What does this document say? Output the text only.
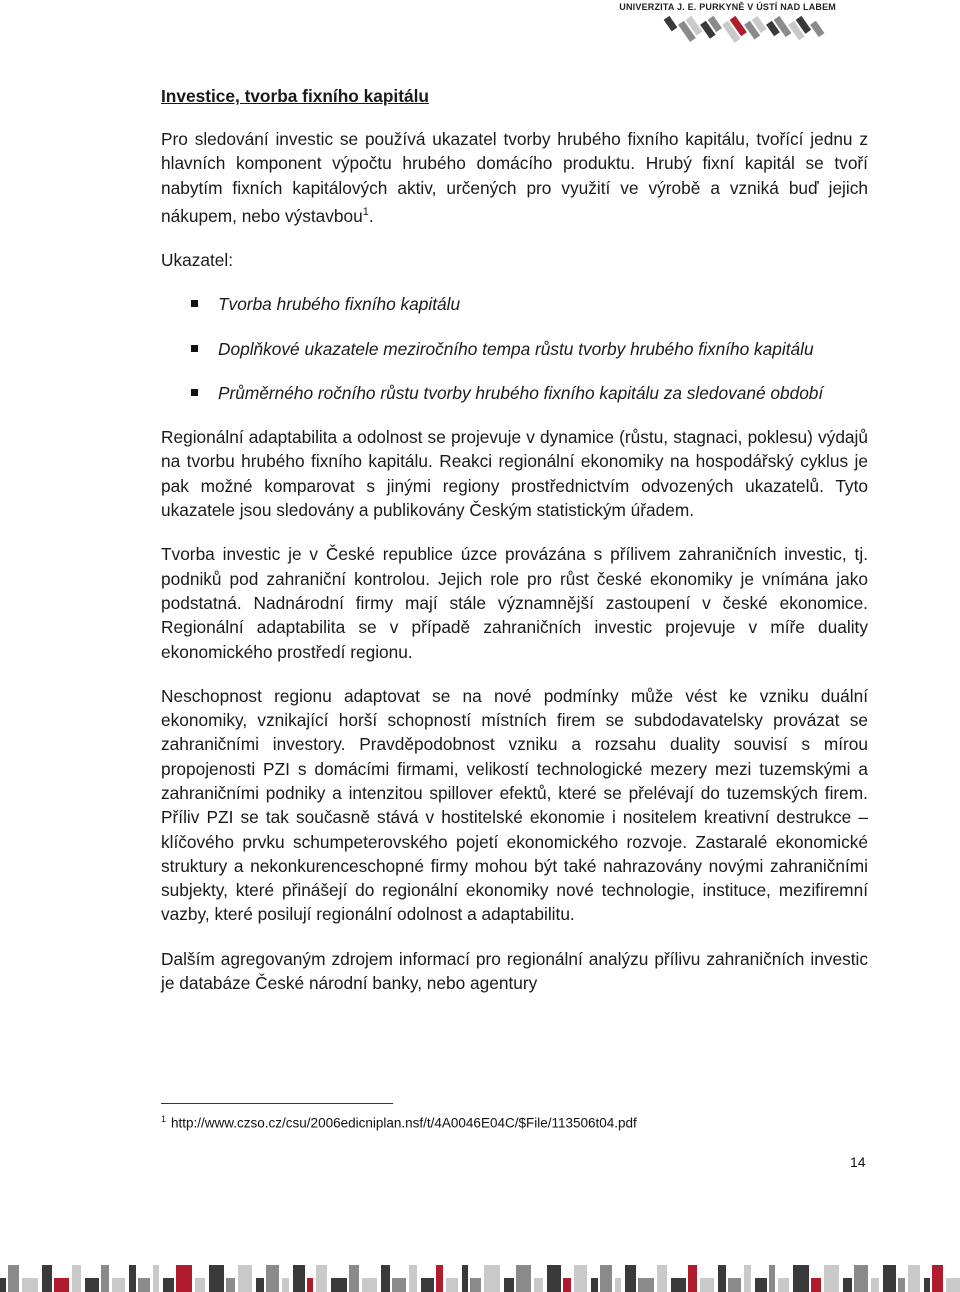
UNIVERZITA J. E. PURKYNĚ V ÚSTÍ NAD LABEM

Investice, tvorba fixního kapitálu

Pro sledování investic se používá ukazatel tvorby hrubého fixního kapitálu, tvořící jednu z hlavních komponent výpočtu hrubého domácího produktu. Hrubý fixní kapitál se tvoří nabytím fixních kapitálových aktiv, určených pro využití ve výrobě a vzniká buď jejich nákupem, nebo výstavbou$^1$.

Ukazatel:

Tvorba hrubého fixního kapitálu
Doplňkové ukazatele meziročního tempa růstu tvorby hrubého fixního kapitálu
Průměrného ročního růstu tvorby hrubého fixního kapitálu za sledované období

Regionální adaptabilita a odolnost se projevuje v dynamice (růstu, stagnaci, poklesu) výdajů na tvorbu hrubého fixního kapitálu. Reakci regionální ekonomiky na hospodářský cyklus je pak možné komparovat s jinými regiony prostřednictvím odvozených ukazatelů. Tyto ukazatele jsou sledovány a publikovány Českým statistickým úřadem.

Tvorba investic je v České republice úzce provázána s přílivem zahraničních investic, tj. podniků pod zahraniční kontrolou. Jejich role pro růst české ekonomiky je vnímána jako podstatná. Nadnárodní firmy mají stále významnější zastoupení v české ekonomice. Regionální adaptabilita se v případě zahraničních investic projevuje v míře duality ekonomického prostředí regionu.

Neschopnost regionu adaptovat se na nové podmínky může vést ke vzniku duální ekonomiky, vznikající horší schopností místních firem se subdodavatelsky provázat se zahraničními investory. Pravděpodobnost vzniku a rozsahu duality souvisí s mírou propojenosti PZI s domácími firmami, velikostí technologické mezery mezi tuzemskými a zahraničními podniky a intenzitou spillover efektů, které se přelévají do tuzemských firem. Příliv PZI se tak současně stává v hostitelské ekonomie i nositelem kreativní destrukce – klíčového prvku schumpeterovského pojetí ekonomického rozvoje. Zastaralé ekonomické struktury a nekonkurenceschopné firmy mohou být také nahrazovány novými zahraničními subjekty, které přinášejí do regionální ekonomiky nové technologie, instituce, mezifiremní vazby, které posilují regionální odolnost a adaptabilitu.

Dalším agregovaným zdrojem informací pro regionální analýzu přílivu zahraničních investic je databáze České národní banky, nebo agentury

$^1$ http://www.czso.cz/csu/2006edicniplan.nsf/t/4A0046E04C/$File/113506t04.pdf
14
